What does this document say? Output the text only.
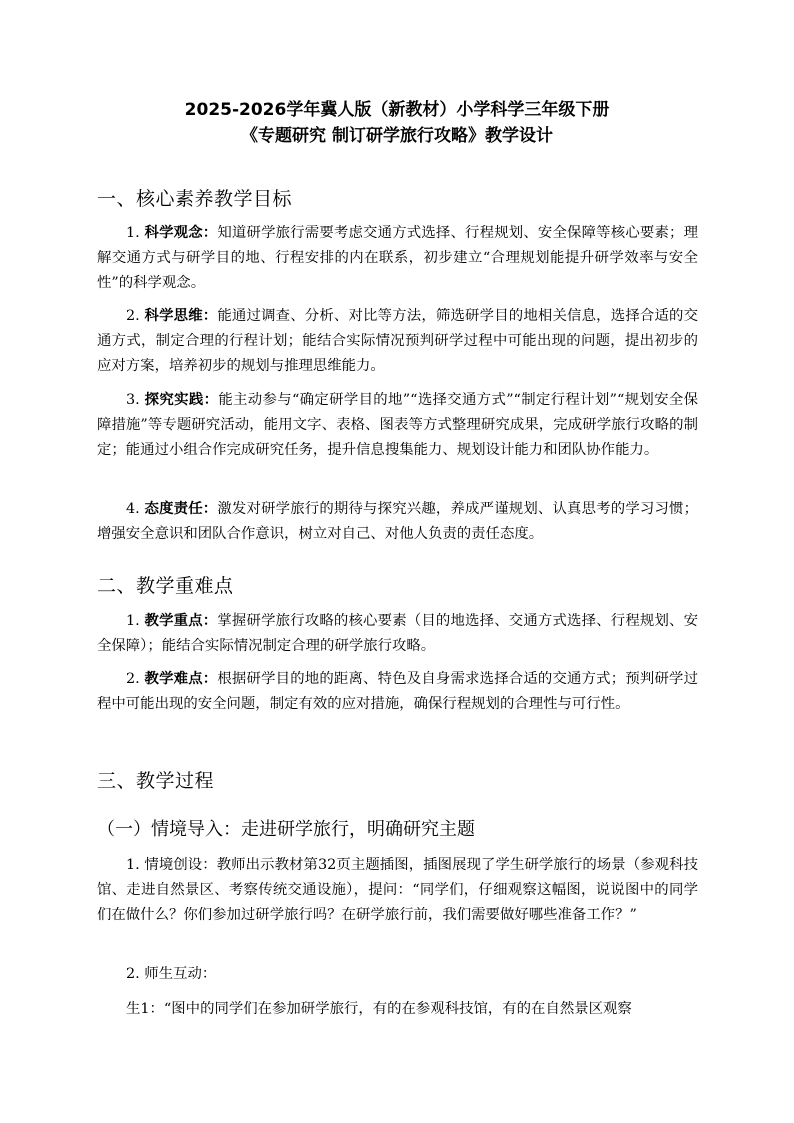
2025-2026学年冀人版（新教材）小学科学三年级下册
《专题研究 制订研学旅行攻略》教学设计
一、核心素养教学目标
1. 科学观念：知道研学旅行需要考虑交通方式选择、行程规划、安全保障等核心要素；理解交通方式与研学目的地、行程安排的内在联系，初步建立“合理规划能提升研学效率与安全性”的科学观念。
2. 科学思维：能通过调查、分析、对比等方法，筛选研学目的地相关信息，选择合适的交通方式，制定合理的行程计划；能结合实际情况预判研学过程中可能出现的问题，提出初步的应对方案，培养初步的规划与推理思维能力。
3. 探究实践：能主动参与“确定研学目的地”“选择交通方式”“制定行程计划”“规划安全保障措施”等专题研究活动，能用文字、表格、图表等方式整理研究成果，完成研学旅行攻略的制定；能通过小组合作完成研究任务，提升信息搜集能力、规划设计能力和团队协作能力。
4. 态度责任：激发对研学旅行的期待与探究兴趣，养成严谨规划、认真思考的学习习惯；增强安全意识和团队合作意识，树立对自己、对他人负责的责任态度。
二、教学重难点
1. 教学重点：掌握研学旅行攻略的核心要素（目的地选择、交通方式选择、行程规划、安全保障）；能结合实际情况制定合理的研学旅行攻略。
2. 教学难点：根据研学目的地的距离、特色及自身需求选择合适的交通方式；预判研学过程中可能出现的安全问题，制定有效的应对措施，确保行程规划的合理性与可行性。
三、教学过程
（一）情境导入：走进研学旅行，明确研究主题
1. 情境创设：教师出示教材第32页主题插图，插图展现了学生研学旅行的场景（参观科技馆、走进自然景区、考察传统交通设施），提问：“同学们，仔细观察这幅图，说说图中的同学们在做什么？你们参加过研学旅行吗？在研学旅行前，我们需要做好哪些准备工作？”
2. 师生互动：
生1：“图中的同学们在参加研学旅行，有的在参观科技馆，有的在自然景区观察
